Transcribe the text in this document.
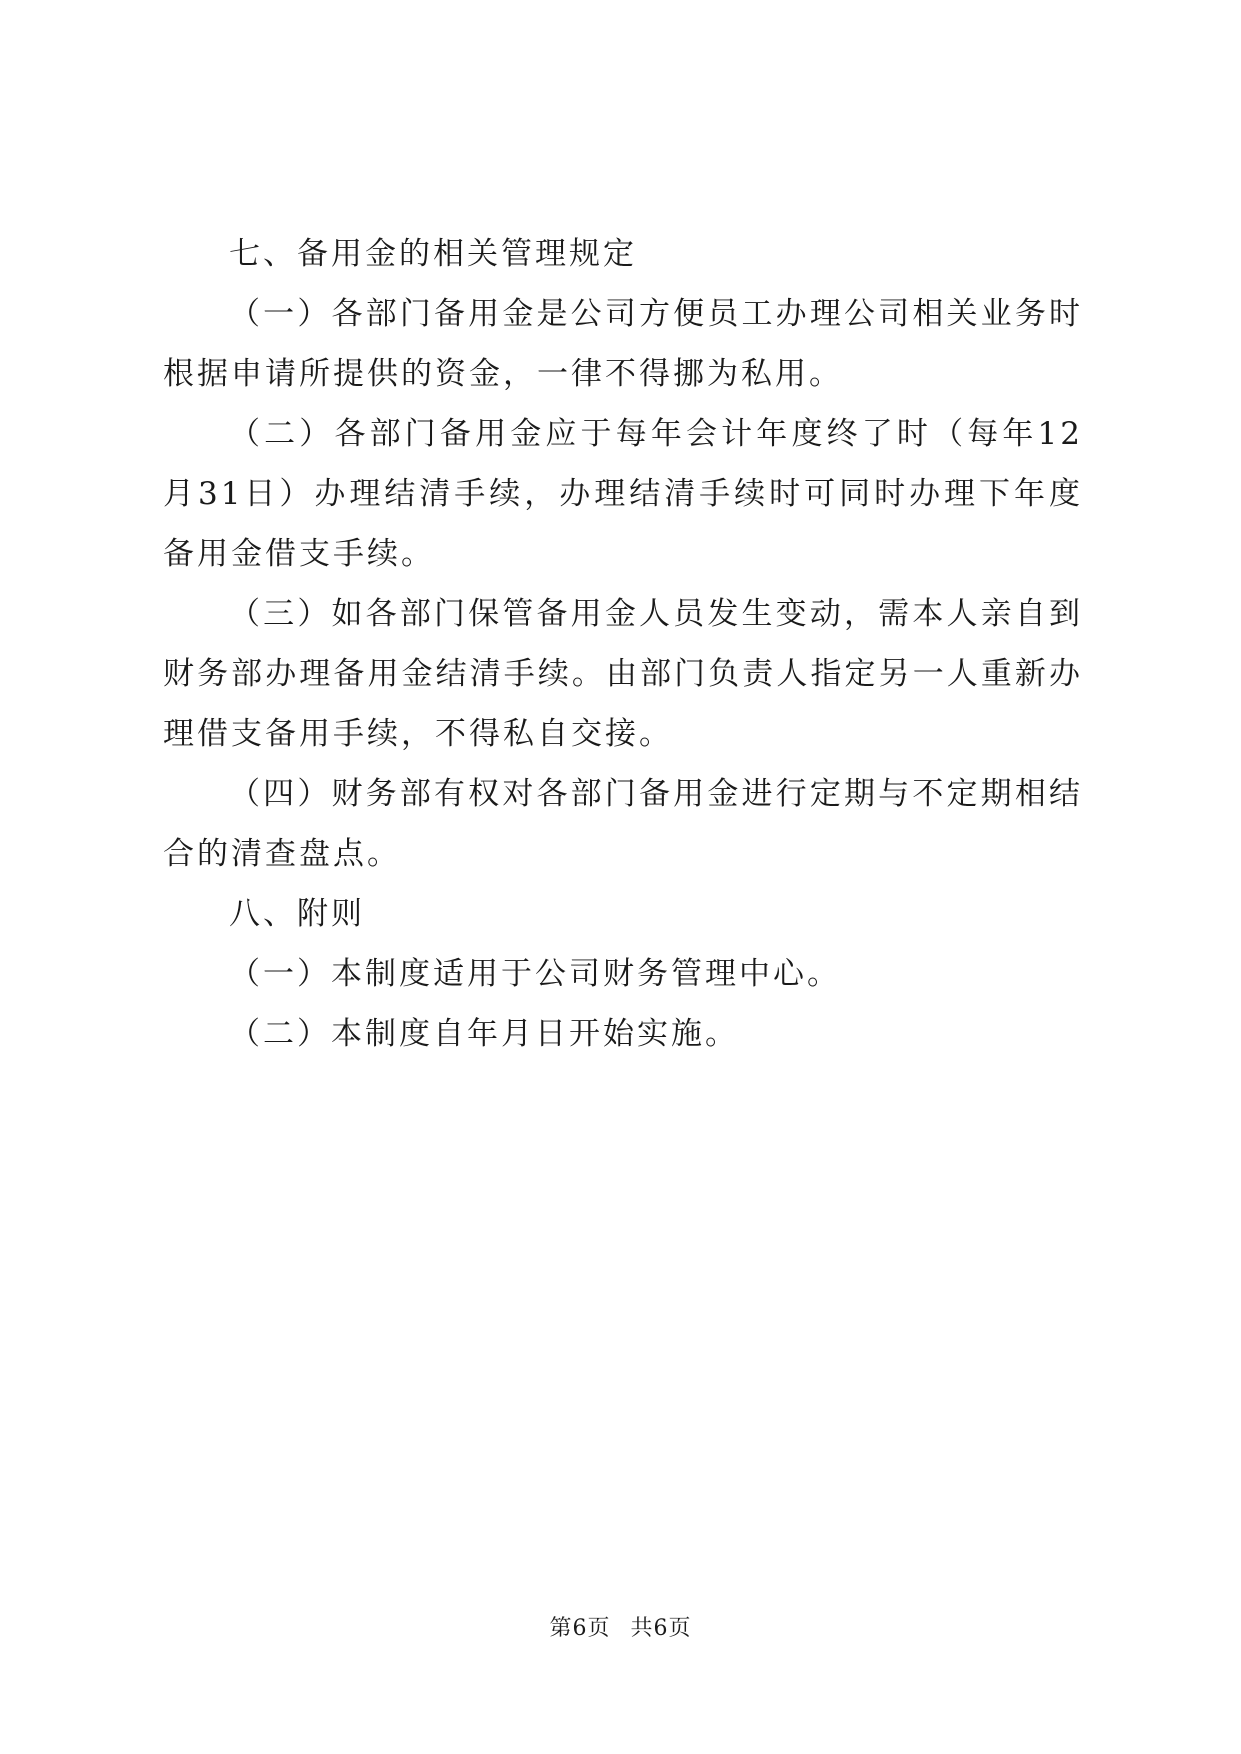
七、备用金的相关管理规定

（一）各部门备用金是公司方便员工办理公司相关业务时根据申请所提供的资金，一律不得挪为私用。

（二）各部门备用金应于每年会计年度终了时（每年12月31日）办理结清手续，办理结清手续时可同时办理下年度备用金借支手续。

（三）如各部门保管备用金人员发生变动，需本人亲自到财务部办理备用金结清手续。由部门负责人指定另一人重新办理借支备用手续，不得私自交接。

（四）财务部有权对各部门备用金进行定期与不定期相结合的清查盘点。

八、附则

（一）本制度适用于公司财务管理中心。

（二）本制度自年月日开始实施。

第6页 共6页
